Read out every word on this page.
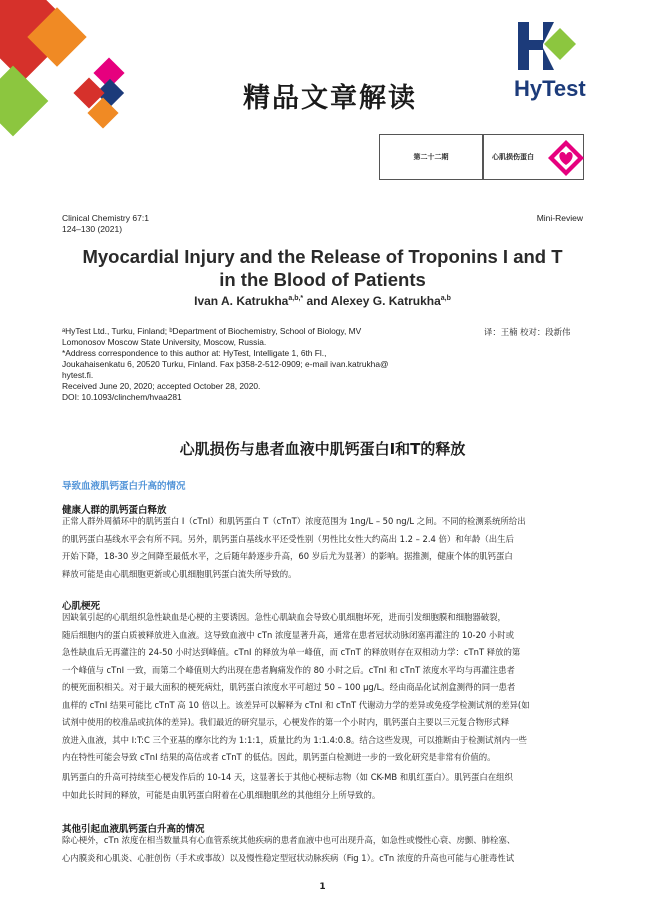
精品文章解读	HyTest
第二十二期	心肌损伤蛋白
Clinical Chemistry 67:1
124–130 (2021)
Mini-Review
Myocardial Injury and the Release of Troponins I and T
in the Blood of Patients
Ivan A. Katrukha$^{a,b,*}$ and Alexey G. Katrukha$^{a,b}$
ᵃHyTest Ltd., Turku, Finland; ᵇDepartment of Biochemistry, School of Biology, MV
Lomonosov Moscow State University, Moscow, Russia.
*Address correspondence to this author at: HyTest, Intelligate 1, 6th Fl.,
Joukahaisenkatu 6, 20520 Turku, Finland. Fax þ358-2-512-0909; e-mail ivan.katrukha@
hytest.fi.
Received June 20, 2020; accepted October 28, 2020.
DOI: 10.1093/clinchem/hvaa281
译：王楠 校对：段新伟
心肌损伤与患者血液中肌钙蛋白I和T的释放
导致血液肌钙蛋白升高的情况
健康人群的肌钙蛋白释放
正常人群外周循环中的肌钙蛋白 I（cTnI）和肌钙蛋白 T（cTnT）浓度范围为 1ng/L – 50 ng/L 之间。不同的检测系统所给出
的肌钙蛋白基线水平会有所不同。另外，肌钙蛋白基线水平还受性别（男性比女性大约高出 1.2 – 2.4 倍）和年龄（出生后
开始下降，18-30 岁之间降至最低水平，之后随年龄逐步升高，60 岁后尤为显著）的影响。据推测，健康个体的肌钙蛋白
释放可能是由心肌细胞更新或心肌细胞肌钙蛋白流失所导致的。
心肌梗死
因缺氧引起的心肌组织急性缺血是心梗的主要诱因。急性心肌缺血会导致心肌细胞坏死，进而引发细胞膜和细胞器破裂，
随后细胞内的蛋白质被释放进入血液。这导致血液中 cTn 浓度显著升高，通常在患者冠状动脉闭塞再灌注的 10-20 小时或
急性缺血后无再灌注的 24-50 小时达到峰值。cTnI 的释放为单一峰值，而 cTnT 的释放则存在双相动力学：cTnT 释放的第
一个峰值与 cTnI 一致，而第二个峰值则大约出现在患者胸痛发作的 80 小时之后。cTnI 和 cTnT 浓度水平均与再灌注患者
的梗死面积相关。对于最大面积的梗死病灶，肌钙蛋白浓度水平可超过 50 – 100 μg/L。经由商品化试剂盒测得的同一患者
血样的 cTnI 结果可能比 cTnT 高 10 倍以上。该差异可以解释为 cTnI 和 cTnT 代谢动力学的差异或免疫学检测试剂的差异(如
试剂中使用的校准品或抗体的差异)。我们最近的研究显示，心梗发作的第一个小时内，肌钙蛋白主要以三元复合物形式释
放进入血液，其中 I:T:C 三个亚基的摩尔比约为 1:1:1，质量比约为 1:1.4:0.8。结合这些发现，可以推断由于检测试剂内一些
内在特性可能会导致 cTnI 结果的高估或者 cTnT 的低估。因此，肌钙蛋白检测进一步的一致化研究是非常有价值的。
肌钙蛋白的升高可持续至心梗发作后的 10-14 天，这显著长于其他心梗标志物（如 CK-MB 和肌红蛋白）。肌钙蛋白在组织
中如此长时间的释放，可能是由肌钙蛋白附着在心肌细胞肌丝的其他组分上所导致的。
其他引起血液肌钙蛋白升高的情况
除心梗外，cTn 浓度在相当数量具有心血管系统其他疾病的患者血液中也可出现升高，如急性或慢性心衰、房颤、肺栓塞、
心内膜炎和心肌炎、心脏创伤（手术或事故）以及慢性稳定型冠状动脉疾病（Fig 1）。cTn 浓度的升高也可能与心脏毒性试
1
